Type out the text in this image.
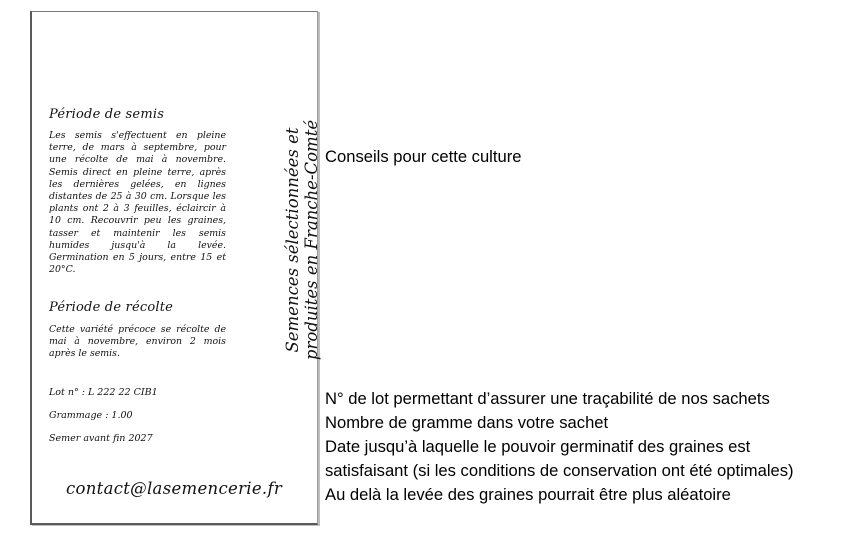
Période de semis
Les semis s'effectuent en pleine terre, de mars à septembre, pour une récolte de mai à novembre. Semis direct en pleine terre, après les dernières gelées, en lignes distantes de 25 à 30 cm. Lorsque les plants ont 2 à 3 feuilles, éclaircir à 10 cm. Recouvrir peu les graines, tasser et maintenir les semis humides jusqu'à la levée. Germination en 5 jours, entre 15 et 20°C.
Période de récolte
Cette variété précoce se récolte de mai à novembre, environ 2 mois après le semis.
Lot n° : L 222 22 CIB1
Grammage : 1.00
Semer avant fin 2027
contact@lasemencerie.fr
Semences sélectionnées et produites en Franche-Comté Conseils pour cette culture
N° de lot permettant d’assurer une traçabilité de nos sachets
Nombre de gramme dans votre sachet
Date jusqu’à laquelle le pouvoir germinatif des graines est
satisfaisant (si les conditions de conservation ont été optimales)
Au delà la levée des graines pourrait être plus aléatoire
